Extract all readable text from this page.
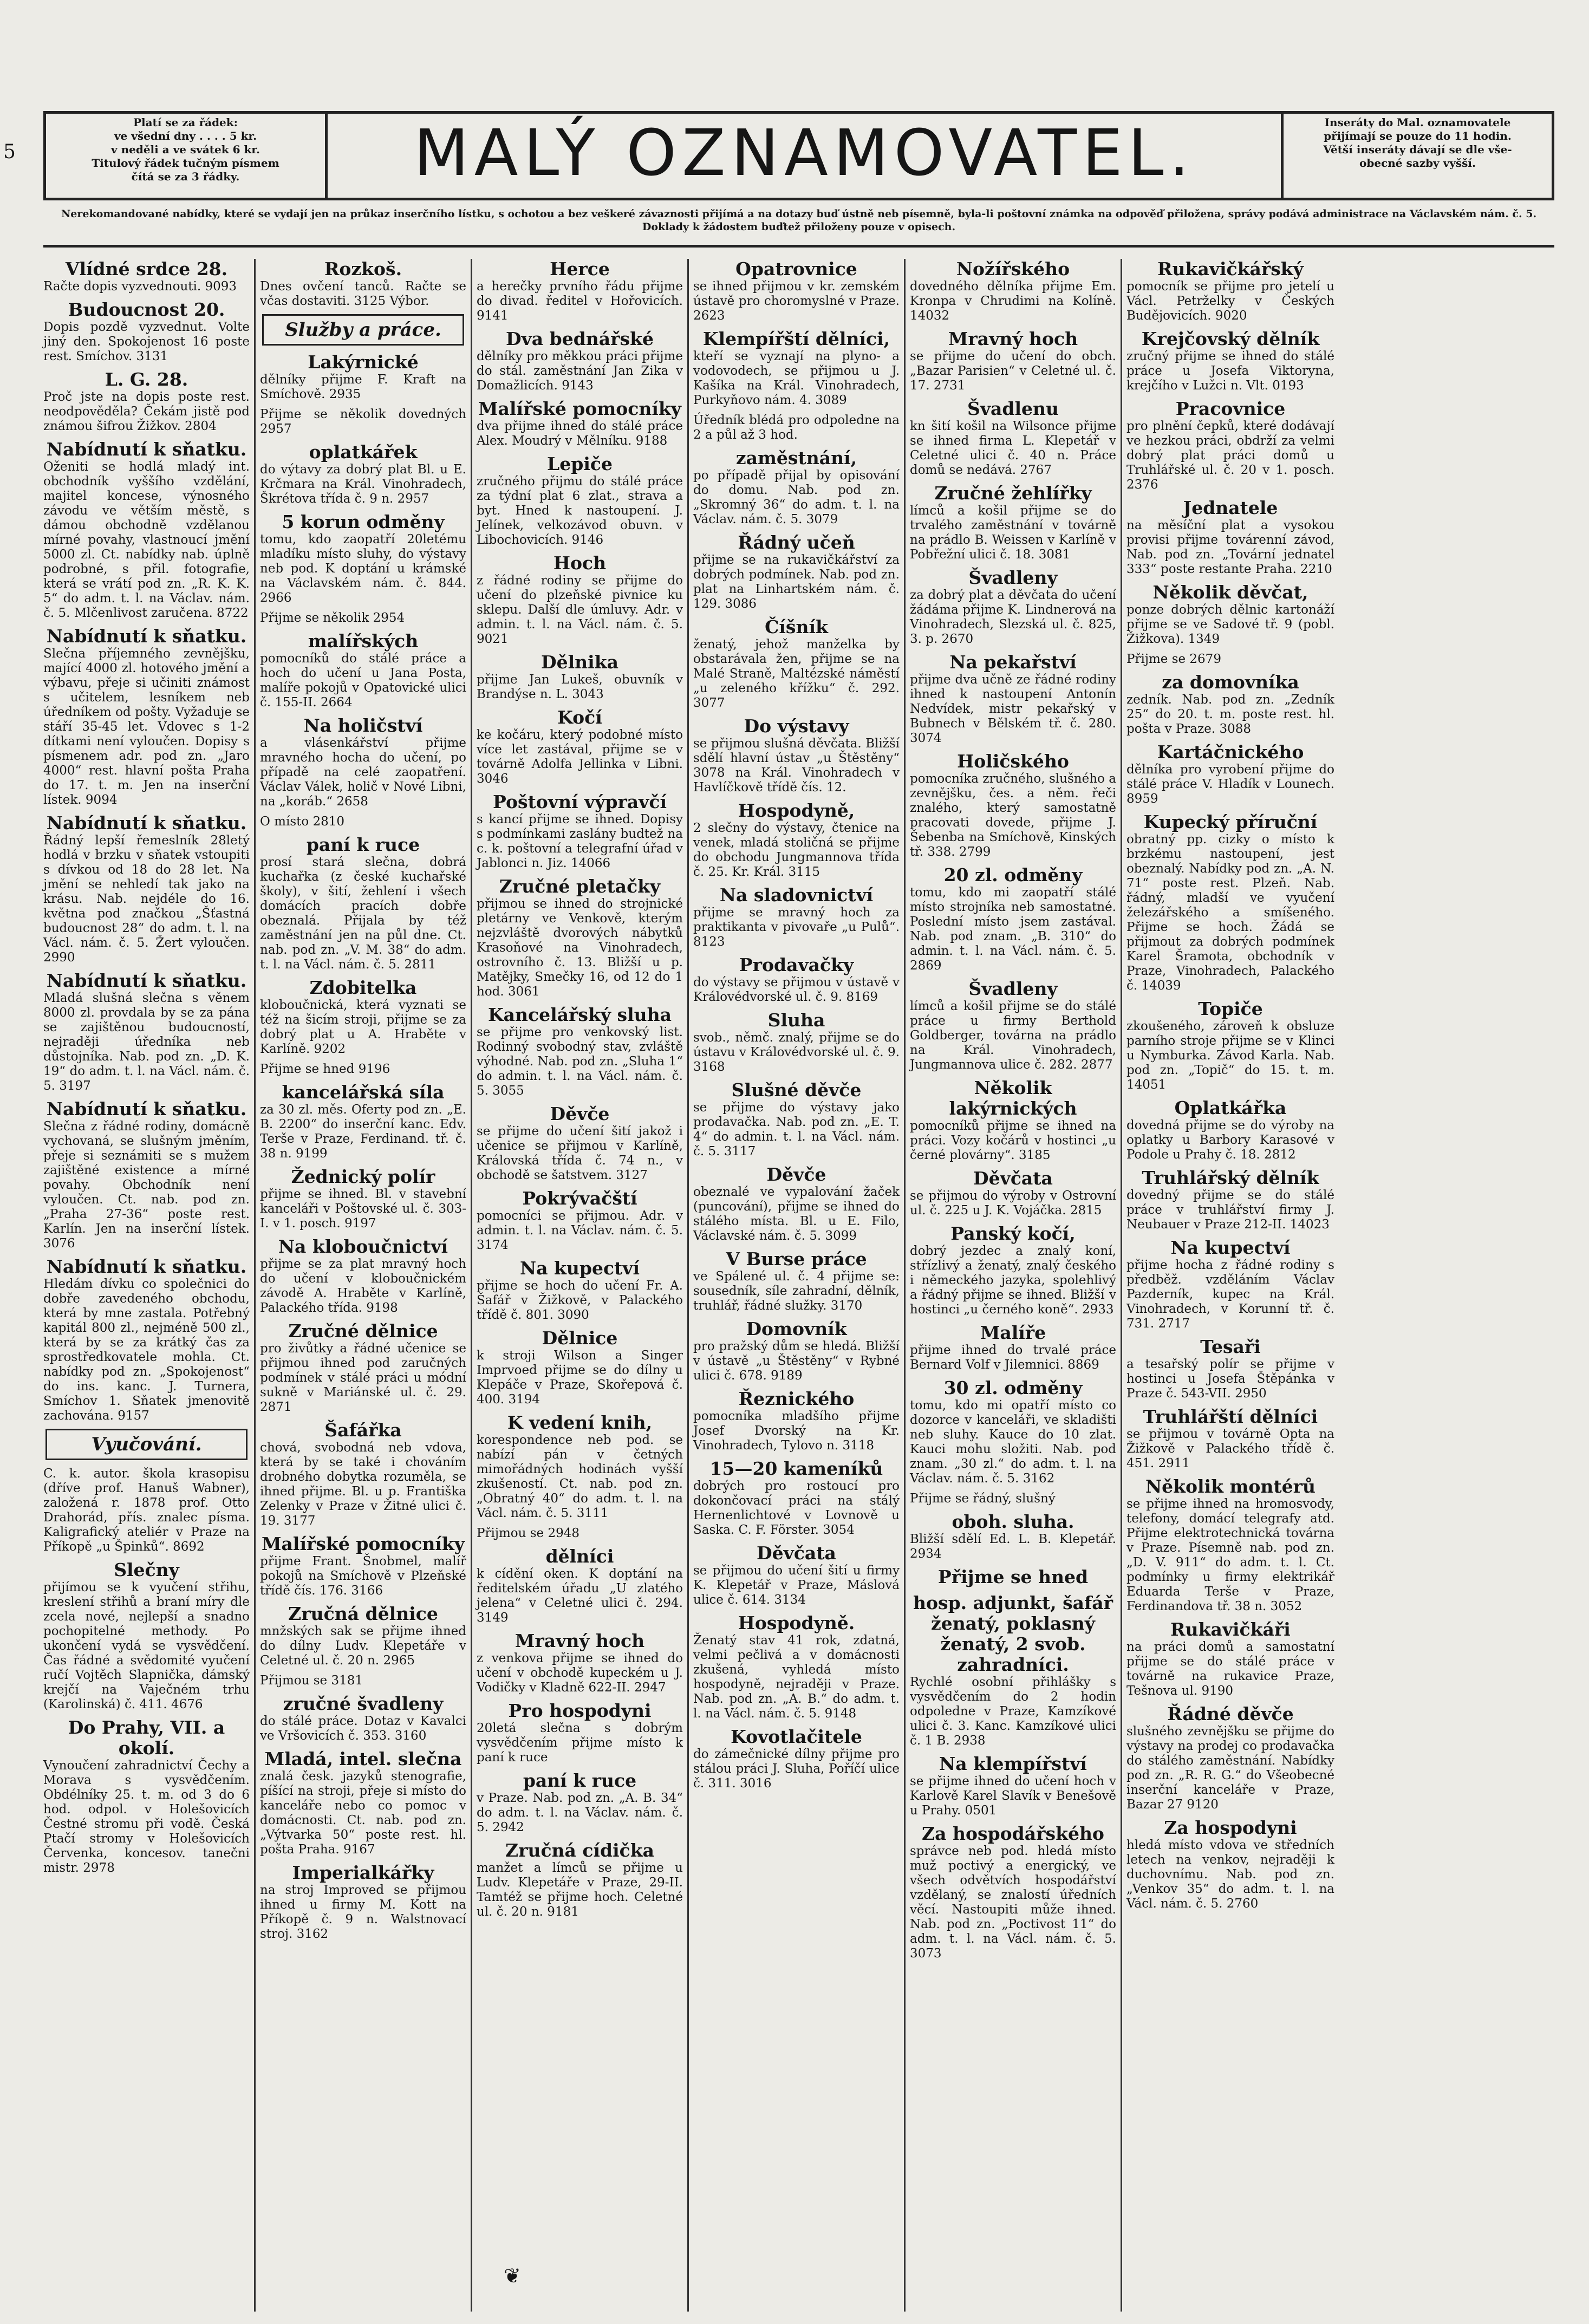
5
Platí se za řádek:
ve všední dny . . . . 5 kr.
v neděli a ve svátek 6 kr.
Titulový řádek tučným písmem
čítá se za 3 řádky.	MALÝ OZNAMOVATEL.	Inseráty do Mal. oznamovatele
přijímají se pouze do 11 hodin.
Větší inseráty dávají se dle vše-
obecné sazby vyšší.
Nerekomandované nabídky, které se vydají jen na průkaz inserčního lístku, s ochotou a bez veškeré závaznosti přijímá a na dotazy buď ústně neb písemně, byla-li poštovní známka na odpověď přiložena, správy podává administrace na Václavském nám. č. 5. Doklady k žádostem buďtež přiloženy pouze v opisech.
Vlídné srdce 28.
Račte dopis vyzvednouti. 9093
Budoucnost 20.
Dopis pozdě vyzvednut. Volte jiný den. Spokojenost 16 poste rest. Smíchov. 3131
L. G. 28.
Proč jste na dopis poste rest. neodpověděla? Čekám jistě pod známou šifrou Žižkov. 2804
Nabídnutí k sňatku.
Oženiti se hodlá mladý int. obchodník vyššího vzdělání, majitel koncese, výnosného závodu ve větším městě, s dámou obchodně vzdělanou mírné povahy, vlastnoucí jmění 5000 zl. Ct. nabídky nab. úplně podrobné, s přil. fotografie, která se vrátí pod zn. „R. K. K. 5“ do adm. t. l. na Václav. nám. č. 5. Mlčenlivost zaručena. 8722
Nabídnutí k sňatku.
Slečna příjemného zevnějšku, mající 4000 zl. hotového jmění a výbavu, přeje si učiniti známost s učitelem, lesníkem neb úředníkem od pošty. Vyžaduje se stáří 35-45 let. Vdovec s 1-2 dítkami není vyloučen. Dopisy s písmenem adr. pod zn. „Jaro 4000“ rest. hlavní pošta Praha do 17. t. m. Jen na inserční lístek. 9094
Nabídnutí k sňatku.
Řádný lepší řemeslník 28letý hodlá v brzku v sňatek vstoupiti s dívkou od 18 do 28 let. Na jmění se nehledí tak jako na krásu. Nab. nejdéle do 16. května pod značkou „Šťastná budoucnost 28“ do adm. t. l. na Václ. nám. č. 5. Žert vyloučen. 2990
Nabídnutí k sňatku.
Mladá slušná slečna s věnem 8000 zl. provdala by se za pána se zajištěnou budoucností, nejraději úředníka neb důstojníka. Nab. pod zn. „D. K. 19“ do adm. t. l. na Václ. nám. č. 5. 3197
Nabídnutí k sňatku.
Slečna z řádné rodiny, domácně vychovaná, se slušným jměním, přeje si seznámiti se s mužem zajištěné existence a mírné povahy. Obchodník není vyloučen. Ct. nab. pod zn. „Praha 27-36“ poste rest. Karlín. Jen na inserční lístek. 3076
Nabídnutí k sňatku.
Hledám dívku co společnici do dobře zavedeného obchodu, která by mne zastala. Potřebný kapitál 800 zl., nejméně 500 zl., která by se za krátký čas za sprostředkovatele mohla. Ct. nabídky pod zn. „Spokojenost“ do ins. kanc. J. Turnera, Smíchov 1. Sňatek jmenovitě zachována. 9157
Vyučování.
C. k. autor. škola krasopisu (dříve prof. Hanuš Wabner), založená r. 1878 prof. Otto Drahorád, přís. znalec písma. Kaligrafický ateliér v Praze na Příkopě „u Špinků“. 8692
Slečny
přijímou se k vyučení střihu, kreslení střihů a braní míry dle zcela nové, nejlepší a snadno pochopitelné methody. Po ukončení vydá se vysvědčení. Čas řádné a svědomité vyučení ručí Vojtěch Slapnička, dámský krejčí na Vaječném trhu (Karolinská) č. 411. 4676
Do Prahy, VII. a okolí.
Vynoučení zahradnictví Čechy a Morava s vysvědčením. Obdélníky 25. t. m. od 3 do 6 hod. odpol. v Holešovicích Čestné stromu při vodě. Česká Ptačí stromy v Holešovicích Červenka, koncesov. tanečni mistr. 2978
Rozkoš.
Dnes ovčení tanců. Račte se včas dostaviti. 3125 Výbor.
Služby a práce.
Lakýrnické
dělníky přijme F. Kraft na Smíchově. 2935
Přijme se několik dovedných 2957
oplatkářek
do výtavy za dobrý plat Bl. u E. Krčmarа na Král. Vinohradech, Škrétova třída č. 9 n. 2957
5 korun odměny
tomu, kdo zaopatří 20letému mladíku místo sluhy, do výstavy neb pod. K doptání u krámské na Václavském nám. č. 844. 2966
Přijme se několik 2954
malířských
pomocníků do stálé práce a hoch do učení u Jana Posta, malíře pokojů v Opatovické ulici č. 155-II. 2664
Na holičství
a vlásenkářství přijme mravného hocha do učení, po případě na celé zaopatření. Václav Válek, holič v Nové Libni, na „koráb.“ 2658
O místo 2810
paní k ruce
prosí stará slečna, dobrá kuchařka (z české kuchařské školy), v šití, žehlení i všech domácích pracích dobře obeznalá. Přijala by též zaměstnání jen na půl dne. Ct. nab. pod zn. „V. M. 38“ do adm. t. l. na Václ. nám. č. 5. 2811
Zdobitelka
kloboučnická, která vyznati se též na šicím stroji, přijme se za dobrý plat u A. Hraběte v Karlíně. 9202
Přijme se hned 9196
kancelářská síla
za 30 zl. měs. Oferty pod zn. „E. B. 2200“ do inserční kanc. Edv. Terše v Praze, Ferdinand. tř. č. 38 n. 9199
Žednický polír
přijme se ihned. Bl. v stavební kanceláři v Poštovské ul. č. 303-I. v 1. posch. 9197
Na kloboučnictví
přijme se za plat mravný hoch do učení v kloboučnickém závodě A. Hraběte v Karlíně, Palackého třída. 9198
Zručné dělnice
pro živůtky a řádné učenice se přijmou ihned pod zaručných podmínek v stálé práci u módní sukně v Mariánské ul. č. 29. 2871
Šafářka
chová, svobodná neb vdova, která by se také i chováním drobného dobytka rozuměla, se ihned přijme. Bl. u p. Františka Zelenky v Praze v Žitné ulici č. 19. 3177
Malířské pomocníky
přijme Frant. Šnobmel, malíř pokojů na Smíchově v Plzeňské třídě čís. 176. 3166
Zručná dělnice
mnžských sak se přijme ihned do dílny Ludv. Klepetáře v Celetné ul. č. 20 n. 2965
Přijmou se 3181
zručné švadleny
do stálé práce. Dotaz v Kavalci ve Vršovicích č. 353. 3160
Mladá, intel. slečna
znalá česk. jazyků stenografie, píšící na stroji, přeje si místo do kanceláře nebo co pomoc v domácnosti. Ct. nab. pod zn. „Výtvarka 50“ poste rest. hl. pošta Praha. 9167
Imperialkářky
na stroj Improved se přijmou ihned u firmy M. Kott na Příkopě č. 9 n. Walstnovací stroj. 3162
Herce
a herečky prvního řádu přijme do divad. ředitel v Hořovicích. 9141
Dva bednářské
dělníky pro měkkou práci přijme do stál. zaměstnání Jan Zika v Domažlicích. 9143
Malířské pomocníky
dva přijme ihned do stálé práce Alex. Moudrý v Mělníku. 9188
Lepiče
zručného přijmu do stálé práce za týdní plat 6 zlat., strava a byt. Hned k nastoupení. J. Jelínek, velkozávod obuvn. v Libochovicích. 9146
Hoch
z řádné rodiny se přijme do učení do plzeňské pivnice ku sklepu. Další dle úmluvy. Adr. v admin. t. l. na Václ. nám. č. 5. 9021
Dělnika
přijme Jan Lukeš, obuvník v Brandýse n. L. 3043
Kočí
ke kočáru, který podobné místo více let zastával, přijme se v továrně Adolfa Jellinka v Libni. 3046
Poštovní výpravčí
s kancí přijme se ihned. Dopisy s podmínkami zaslány budtež na c. k. poštovní a telegrafní úřad v Jablonci n. Jiz. 14066
Zručné pletačky
přijmou se ihned do strojnické pletárny ve Venkově, kterým nejzvláště dvorových nábytků Krasoňové na Vinohradech, ostrovního č. 13. Bližší u p. Matějky, Smečky 16, od 12 do 1 hod. 3061
Kancelářský sluha
se přijme pro venkovský list. Rodinný svobodný stav, zvláště výhodné. Nab. pod zn. „Sluha 1“ do admin. t. l. na Václ. nám. č. 5. 3055
Děvče
se přijme do učení šití jakož i učenice se přijmou v Karlíně, Královská třída č. 74 n., v obchodě se šatstvem. 3127
Pokrývačští
pomocníci se přijmou. Adr. v admin. t. l. na Václav. nám. č. 5. 3174
Na kupectví
přijme se hoch do učení Fr. A. Šafář v Žižkově, v Palackého třídě č. 801. 3090
Dělnice
k stroji Wilson a Singer Imprvoed přijme se do dílny u Klepáče v Praze, Skořepová č. 400. 3194
K vedení knih,
korespondence neb pod. se nabízí pán v četných mimořádných hodinách vyšší zkušeností. Ct. nab. pod zn. „Obratný 40“ do adm. t. l. na Václ. nám. č. 5. 3111
Přijmou se 2948
dělníci
k cídění oken. K doptání na ředitelském úřadu „U zlatého jelena“ v Celetné ulici č. 294. 3149
Mravný hoch
z venkova přijme se ihned do učení v obchodě kupeckém u J. Vodičky v Kladně 622-II. 2947
Pro hospodyni
20letá slečna s dobrým vysvědčením přijme místo k paní k ruce
paní k ruce
v Praze. Nab. pod zn. „A. B. 34“ do adm. t. l. na Václav. nám. č. 5. 2942
Zručná cídička
manžet a límců se přijme u Ludv. Klepetáře v Praze, 29-II. Tamtéž se přijme hoch. Celetné ul. č. 20 n. 9181
Opatrovnice
se ihned přijmou v kr. zemském ústavě pro choromyslné v Praze. 2623
Klempířští dělníci,
kteří se vyznají na plyno- a vodovodech, se přijmou u J. Kašíka na Král. Vinohradech, Purkyňovo nám. 4. 3089
Úředník blédá pro odpoledne na 2 a půl až 3 hod.
zaměstnání,
po případě přijal by opisování do domu. Nab. pod zn. „Skromný 36“ do adm. t. l. na Václav. nám. č. 5. 3079
Řádný učeň
přijme se na rukavičkářství za dobrých podmínek. Nab. pod zn. plat na Linhartském nám. č. 129. 3086
Číšník
ženatý, jehož manželka by obstarávala žen, přijme se na Malé Straně, Maltézské náměstí „u zeleného křížku“ č. 292. 3077
Do výstavy
se přijmou slušná děvčata. Bližší sdělí hlavní ústav „u Štěstěny“ 3078 na Král. Vinohradech v Havlíčkově třídě čís. 12.
Hospodyně,
2 slečny do výstavy, čtenice na venek, mladá stoličná se přijme do obchodu Jungmannova třída č. 25. Kr. Král. 3115
Na sladovnictví
přijme se mravný hoch za praktikanta v pivovaře „u Pulů“. 8123
Prodavačky
do výstavy se přijmou v ústavě v Královédvorské ul. č. 9. 8169
Sluha
svob., němč. znalý, přijme se do ústavu v Královédvorské ul. č. 9. 3168
Slušné děvče
se přijme do výstavy jako prodavačka. Nab. pod zn. „E. T. 4“ do admin. t. l. na Václ. nám. č. 5. 3117
Děvče
obeznalé ve vypalování žaček (puncování), přijme se ihned do stálého místa. Bl. u E. Filo, Václavské nám. č. 5. 3099
V Burse práce
ve Spálené ul. č. 4 přijme se: sousedník, síle zahradní, dělník, truhlář, řádné služky. 3170
Domovník
pro pražský dům se hledá. Bližší v ústavě „u Štěstěny“ v Rybné ulici č. 678. 9189
Řeznického
pomocníka mladšího přijme Josef Dvorský na Kr. Vinohradech, Tylovo n. 3118
15—20 kameníků
dobrých pro rostoucí pro dokončovací práci na stálý Hernenlichtové v Lovnově u Saska. C. F. Förster. 3054
Děvčata
se přijmou do učení šití u firmy K. Klepetář v Praze, Máslová ulice č. 614. 3134
Hospodyně.
Ženatý stav 41 rok, zdatná, velmi pečlivá a v domácnosti zkušená, vyhledá místo hospodyně, nejraději v Praze. Nab. pod zn. „A. B.“ do adm. t. l. na Václ. nám. č. 5. 9148
Kovotlačitele
do zámečnické dílny přijme pro stálou práci J. Sluha, Poříčí ulice č. 311. 3016
Nožířského
dovedného dělníka přijme Em. Kronpa v Chrudimi na Kolíně. 14032
Mravný hoch
se přijme do učení do obch. „Bazar Parisien“ v Celetné ul. č. 17. 2731
Švadlenu
kn šití košil na Wilsonce přijme se ihned firma L. Klepetář v Celetné ulici č. 40 n. Práce domů se nedává. 2767
Zručné žehlířky
límců a košil přijme se do trvalého zaměstnání v továrně na prádlo B. Weissen v Karlíně v Pobřežní ulici č. 18. 3081
Švadleny
za dobrý plat a děvčata do učení žádáma přijme K. Lindnerová na Vinohradech, Slezská ul. č. 825, 3. p. 2670
Na pekařství
přijme dva učně ze řádné rodiny ihned k nastoupení Antonín Nedvídek, mistr pekařský v Bubnech v Bělském tř. č. 280. 3074
Holičského
pomocníka zručného, slušného a zevnějšku, čes. a něm. řeči znalého, který samostatně pracovati dovede, přijme J. Šebenba na Smíchově, Kinských tř. 338. 2799
20 zl. odměny
tomu, kdo mi zaopatří stálé místo strojníka neb samostatné. Poslední místo jsem zastával. Nab. pod znam. „B. 310“ do admin. t. l. na Václ. nám. č. 5. 2869
Švadleny
límců a košil přijme se do stálé práce u firmy Berthold Goldberger, továrna na prádlo na Král. Vinohradech, Jungmannova ulice č. 282. 2877
Několik lakýrnických
pomocníků přijme se ihned na práci. Vozy kočárů v hostinci „u černé plovárny“. 3185
Děvčata
se přijmou do výroby v Ostrovní ul. č. 225 u J. K. Vojáčka. 2815
Panský kočí,
dobrý jezdec a znalý koní, střízlivý a ženatý, znalý českého i německého jazyka, spolehlivý a řádný přijme se ihned. Bližší v hostinci „u černého koně“. 2933
Malíře
přijme ihned do trvalé práce Bernard Volf v Jilemnici. 8869
30 zl. odměny
tomu, kdo mi opatří místo co dozorce v kanceláři, ve skladišti neb sluhy. Kauce do 10 zlat. Kauci mohu složiti. Nab. pod znam. „30 zl.“ do adm. t. l. na Václav. nám. č. 5. 3162
Přijme se řádný, slušný
oboh. sluha.
Bližší sdělí Ed. L. B. Klepetář. 2934
Přijme se hned
hosp. adjunkt, šafář ženatý, poklasný ženatý, 2 svob. zahradníci.
Rychlé osobní přihlášky s vysvědčením do 2 hodin odpoledne v Praze, Kamzíkové ulici č. 3. Kanc. Kamzíkové ulici č. 1 B. 2938
Na klempířství
se přijme ihned do učení hoch v Karlově Karel Slavík v Benešově u Prahy. 0501
Za hospodářského
správce neb pod. hledá místo muž poctivý a energický, ve všech odvětvích hospodářství vzdělaný, se znalostí úředních věcí. Nastoupiti může ihned. Nab. pod zn. „Poctivost 11“ do adm. t. l. na Václ. nám. č. 5. 3073
Rukavičkářský
pomocník se přijme pro jetelí u Václ. Petrželky v Českých Budějovicích. 9020
Krejčovský dělník
zručný přijme se ihned do stálé práce u Josefa Viktoryna, krejčího v Lužci n. Vlt. 0193
Pracovnice
pro plnění čepků, které dodávají ve hezkou práci, obdrží za velmi dobrý plat práci domů u Truhlářské ul. č. 20 v 1. posch. 2376
Jednatele
na měsíční plat a vysokou provisi přijme továrenní závod, Nab. pod zn. „Tovární jednatel 333“ poste restante Praha. 2210
Několik děvčat,
ponze dobrých dělnic kartonáží přijme se ve Sadové tř. 9 (pobl. Žižkova). 1349
Přijme se 2679
za domovníka
zedník. Nab. pod zn. „Zedník 25“ do 20. t. m. poste rest. hl. pošta v Praze. 3088
Kartáčnického
dělníka pro vyrobení přijme do stálé práce V. Hladík v Lounech. 8959
Kupecký příruční
obratný pp. cizky o místo k brzkému nastoupení, jest obeznalý. Nabídky pod zn. „A. N. 71“ poste rest. Plzeň. Nab. řádný, mladší ve vyučení železářského a smíšeného. Přijme se hoch. Žádá se přijmout za dobrých podmínek Karel Šramota, obchodník v Praze, Vinohradech, Palackého č. 14039
Topiče
zkoušeného, zároveň k obsluze parního stroje přijme se v Klinci u Nymburka. Závod Karla. Nab. pod zn. „Topič“ do 15. t. m. 14051
Oplatkářka
dovedná přijme se do výroby na oplatky u Barbory Karasové v Podole u Prahy č. 18. 2812
Truhlářský dělník
dovedný přijme se do stálé práce v truhlářství firmy J. Neubauer v Praze 212-II. 14023
Na kupectví
přijme hocha z řádné rodiny s předběž. vzděláním Václav Pazderník, kupec na Král. Vinohradech, v Korunní tř. č. 731. 2717
Tesaři
a tesařský polír se přijme v hostinci u Josefa Štěpánka v Praze č. 543-VII. 2950
Truhlářští dělníci
se přijmou v továrně Opta na Žižkově v Palackého třídě č. 451. 2911
Několik montérů
se přijme ihned na hromosvody, telefony, domácí telegrafy atd. Přijme elektrotechnická továrna v Praze. Písemně nab. pod zn. „D. V. 911“ do adm. t. l. Ct. podmínky u firmy elektrikář Eduarda Terše v Praze, Ferdinandova tř. 38 n. 3052
Rukavičkáři
na práci domů a samostatní přijme se do stálé práce v továrně na rukavice Praze, Tešnova ul. 9190
Řádné děvče
slušného zevnějšku se přijme do výstavy na prodej co prodavačka do stálého zaměstnání. Nabídky pod zn. „R. R. G.“ do Všeobecné inserční kanceláře v Praze, Bazar 27 9120
Za hospodyni
hledá místo vdova ve středních letech na venkov, nejraději k duchovnímu. Nab. pod zn. „Venkov 35“ do adm. t. l. na Václ. nám. č. 5. 2760
❦
